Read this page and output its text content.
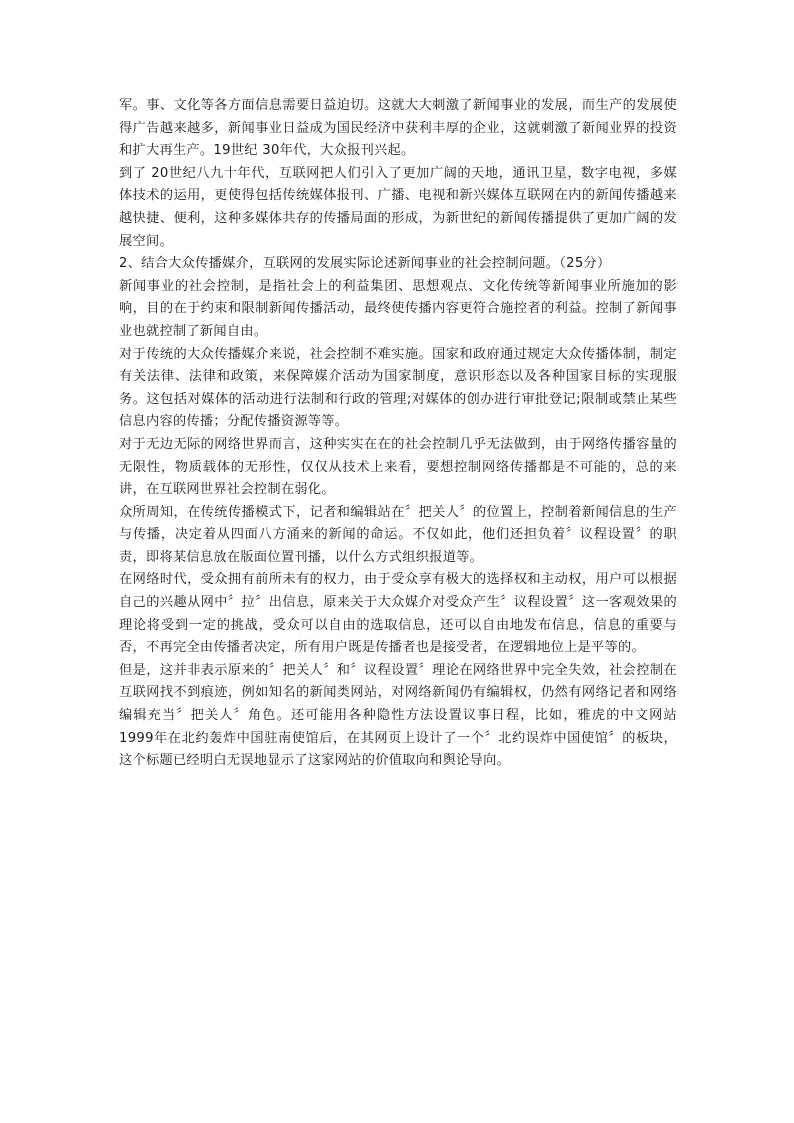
军。事、文化等各方面信息需要日益迫切。这就大大刺激了新闻事业的发展，而生产的发展使得广告越来越多，新闻事业日益成为国民经济中获利丰厚的企业，这就刺激了新闻业界的投资和扩大再生产。19世纪 30年代，大众报刊兴起。

到了 20世纪八九十年代，互联网把人们引入了更加广阔的天地，通讯卫星，数字电视，多媒体技术的运用，更使得包括传统媒体报刊、广播、电视和新兴媒体互联网在内的新闻传播越来越快捷、便利，这种多媒体共存的传播局面的形成，为新世纪的新闻传播提供了更加广阔的发展空间。

2、结合大众传播媒介，互联网的发展实际论述新闻事业的社会控制问题。（25分）

新闻事业的社会控制，是指社会上的利益集团、思想观点、文化传统等新闻事业所施加的影响，目的在于约束和限制新闻传播活动，最终使传播内容更符合施控者的利益。控制了新闻事业也就控制了新闻自由。

对于传统的大众传播媒介来说，社会控制不难实施。国家和政府通过规定大众传播体制，制定有关法律、法律和政策，来保障媒介活动为国家制度，意识形态以及各种国家目标的实现服务。这包括对媒体的活动进行法制和行政的管理;对媒体的创办进行审批登记;限制或禁止某些信息内容的传播；分配传播资源等等。

对于无边无际的网络世界而言，这种实实在在的社会控制几乎无法做到，由于网络传播容量的无限性，物质载体的无形性，仅仅从技术上来看，要想控制网络传播都是不可能的，总的来讲，在互联网世界社会控制在弱化。

众所周知，在传统传播模式下，记者和编辑站在〞把关人〞的位置上，控制着新闻信息的生产与传播，决定着从四面八方涌来的新闻的命运。不仅如此，他们还担负着〞议程设置〞的职责，即将某信息放在版面位置刊播，以什么方式组织报道等。

在网络时代，受众拥有前所未有的权力，由于受众享有极大的选择权和主动权，用户可以根据自己的兴趣从网中〞拉〞出信息，原来关于大众媒介对受众产生〞议程设置〞这一客观效果的理论将受到一定的挑战，受众可以自由的选取信息，还可以自由地发布信息，信息的重要与否，不再完全由传播者决定，所有用户既是传播者也是接受者，在逻辑地位上是平等的。

但是，这并非表示原来的〞把关人〞和〞议程设置〞理论在网络世界中完全失效，社会控制在互联网找不到痕迹，例如知名的新闻类网站，对网络新闻仍有编辑权，仍然有网络记者和网络编辑充当〞把关人〞角色。还可能用各种隐性方法设置议事日程，比如，雅虎的中文网站 1999年在北约轰炸中国驻南使馆后，在其网页上设计了一个〞北约误炸中国使馆〞的板块，这个标题已经明白无误地显示了这家网站的价值取向和舆论导向。
